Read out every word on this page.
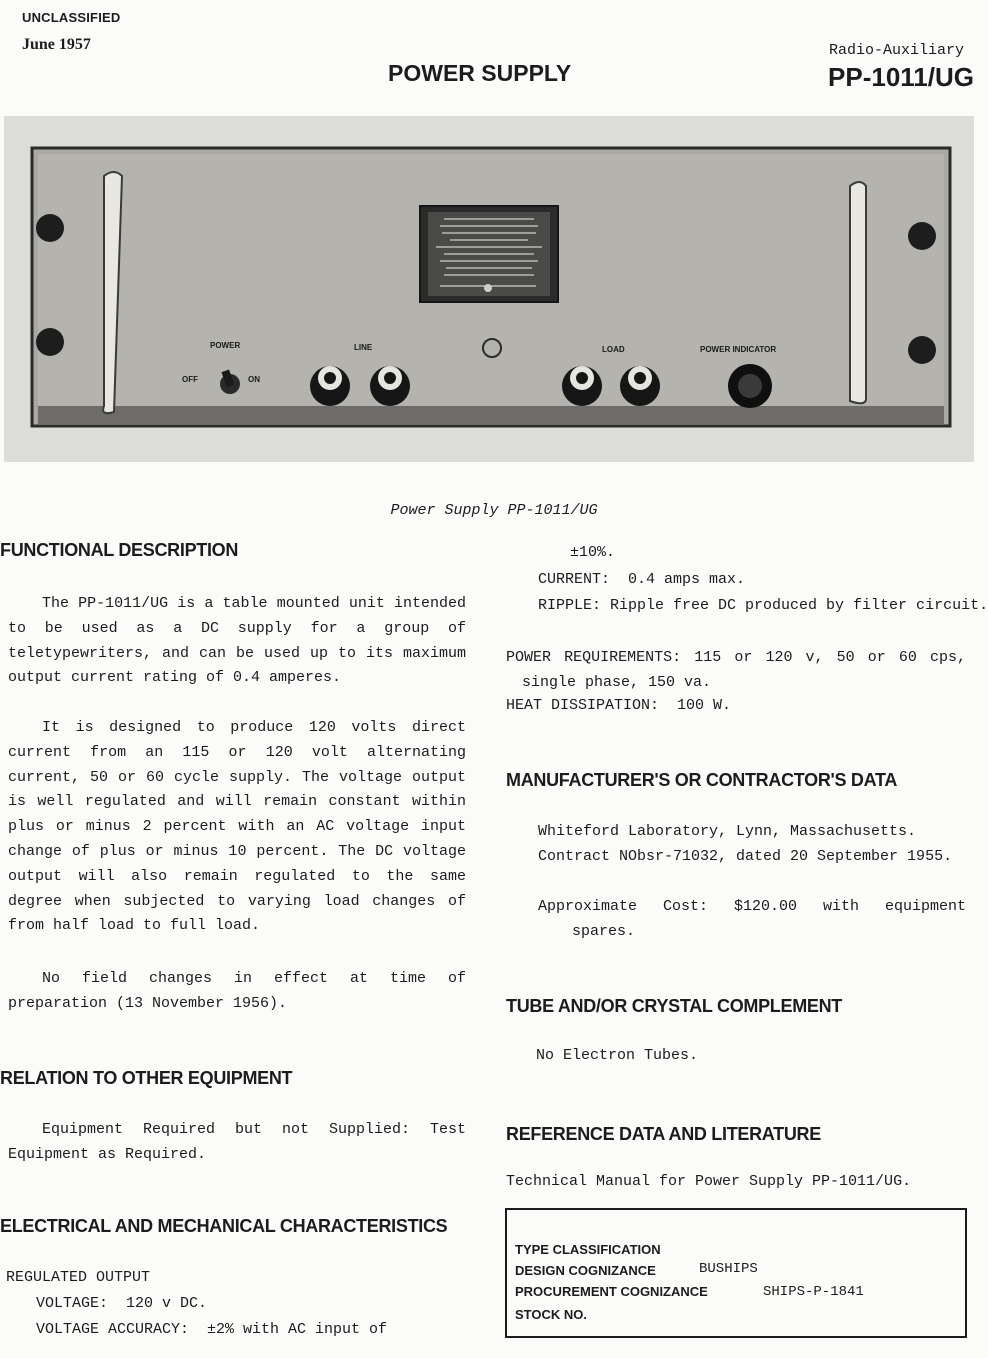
UNCLASSIFIED
June 1957
POWER SUPPLY
Radio-Auxiliary
PP-1011/UG
POWER
OFF	ON
LINE	LOAD	POWER INDICATOR
Power Supply PP-1011/UG
FUNCTIONAL DESCRIPTION
The PP-1011/UG is a table mounted unit intended to be used as a DC supply for a group of teletypewriters, and can be used up to its maximum output current rating of 0.4 amperes.
It is designed to produce 120 volts direct current from an 115 or 120 volt alternating current, 50 or 60 cycle supply. The voltage output is well regulated and will remain constant within plus or minus 2 percent with an AC voltage input change of plus or minus 10 percent. The DC voltage output will also remain regulated to the same degree when subjected to varying load changes of from half load to full load.
No field changes in effect at time of preparation (13 November 1956).
RELATION TO OTHER EQUIPMENT
Equipment Required but not Supplied: Test Equipment as Required.
ELECTRICAL AND MECHANICAL CHARACTERISTICS
REGULATED OUTPUT
VOLTAGE:  120 v DC.
VOLTAGE ACCURACY:  ±2% with AC input of
±10%.
CURRENT:  0.4 amps max.
RIPPLE: Ripple free DC produced by filter circuit.
POWER REQUIREMENTS: 115 or 120 v, 50 or 60 cps, single phase, 150 va.
HEAT DISSIPATION:  100 W.
MANUFACTURER'S OR CONTRACTOR'S DATA
Whiteford Laboratory, Lynn, Massachusetts.
Contract NObsr-71032, dated 20 September 1955.
Approximate Cost: $120.00 with equipment spares.
TUBE AND/OR CRYSTAL COMPLEMENT
No Electron Tubes.
REFERENCE DATA AND LITERATURE
Technical Manual for Power Supply PP-1011/UG.
TYPE CLASSIFICATION
DESIGN COGNIZANCE	BUSHIPS
PROCUREMENT COGNIZANCE	SHIPS-P-1841
STOCK NO.
